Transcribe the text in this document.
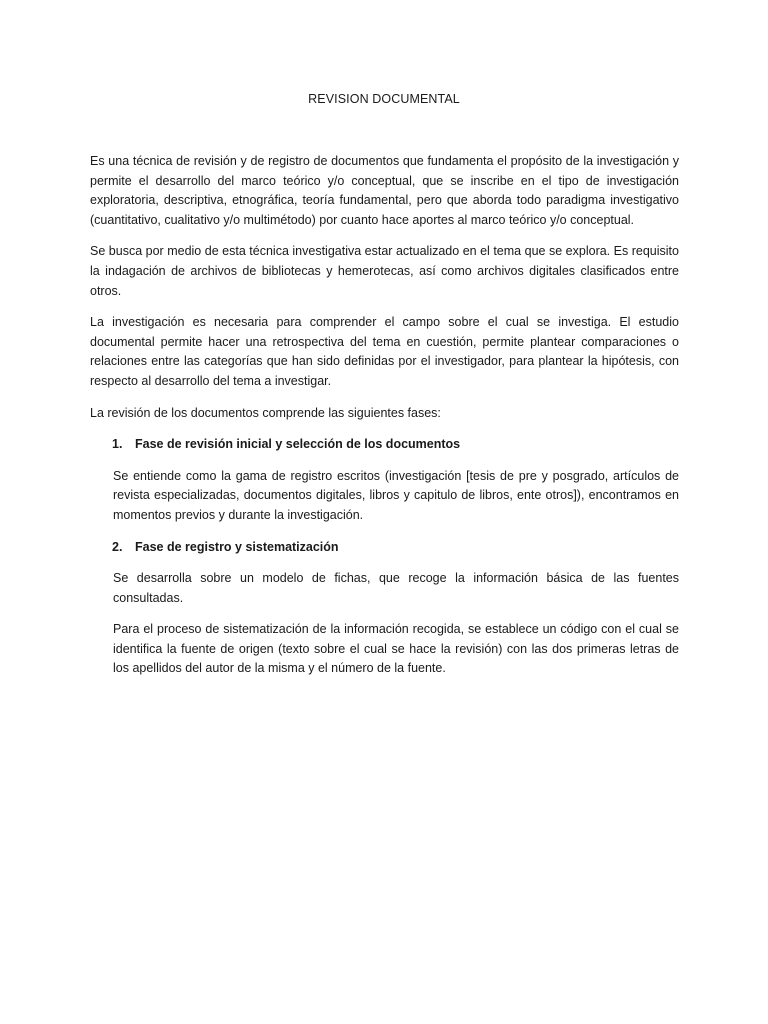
REVISION DOCUMENTAL

Es una técnica de revisión y de registro de documentos que fundamenta el propósito de la investigación y permite el desarrollo del marco teórico y/o conceptual, que se inscribe en el tipo de investigación exploratoria, descriptiva, etnográfica, teoría fundamental, pero que aborda todo paradigma investigativo (cuantitativo, cualitativo y/o multimétodo) por cuanto hace aportes al marco teórico y/o conceptual.

Se busca por medio de esta técnica investigativa estar actualizado en el tema que se explora. Es requisito la indagación de archivos de bibliotecas y hemerotecas, así como archivos digitales clasificados entre otros.

La investigación es necesaria para comprender el campo sobre el cual se investiga. El estudio documental permite hacer una retrospectiva del tema en cuestión, permite plantear comparaciones o relaciones entre las categorías que han sido definidas por el investigador, para plantear la hipótesis, con respecto al desarrollo del tema a investigar.

La revisión de los documentos comprende las siguientes fases:

1.	Fase de revisión inicial y selección de los documentos

Se entiende como la gama de registro escritos (investigación [tesis de pre y posgrado, artículos de revista especializadas, documentos digitales, libros y capitulo de libros, ente otros]), encontramos en momentos previos y durante la investigación.

2.	Fase de registro y sistematización

Se desarrolla sobre un modelo de fichas, que recoge la información básica de las fuentes consultadas.

Para el proceso de sistematización de la información recogida, se establece un código con el cual se identifica la fuente de origen (texto sobre el cual se hace la revisión) con las dos primeras letras de los apellidos del autor de la misma y el número de la fuente.
